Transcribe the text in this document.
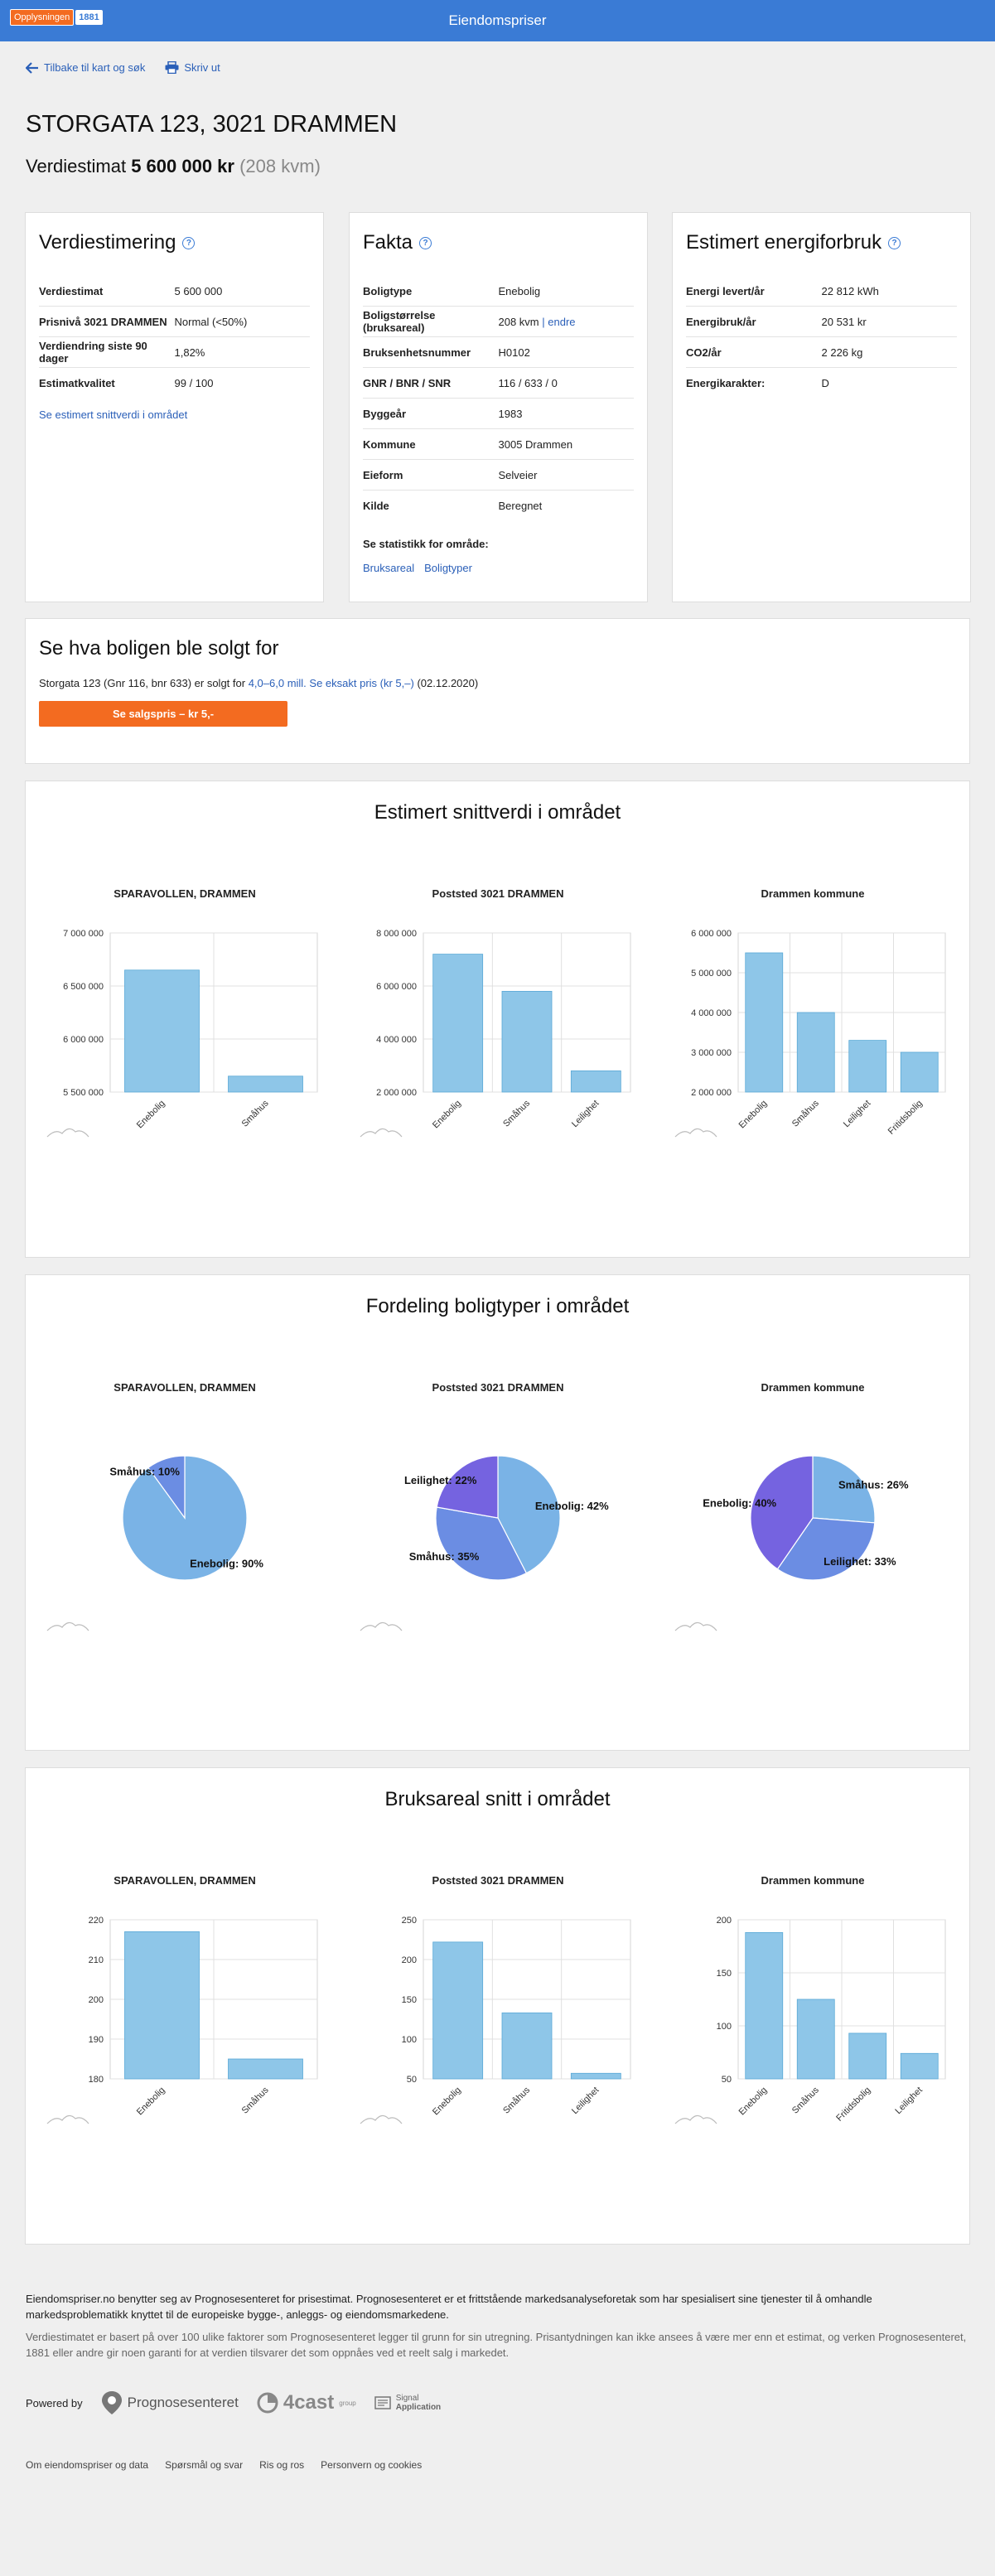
Opplysningen	1881	Eiendomspriser
Tilbake til kart og søk	Skriv ut
STORGATA 123, 3021 DRAMMEN
Verdiestimat 5 600 000 kr (208 kvm)
Verdiestimering	?
Verdiestimat	5 600 000
Prisnivå 3021 DRAMMEN Normal (<50%)
Verdiendring siste 90 dager	1,82%
Estimatkvalitet	99 / 100
Se estimert snittverdi i området
Fakta	?
Boligtype	Enebolig
Boligstørrelse (bruksareal)	208 kvm | endre
Bruksenhetsnummer	H0102
GNR / BNR / SNR	116 / 633 / 0
Byggeår	1983
Kommune	3005 Drammen
Eieform	Selveier
Kilde	Beregnet
Se statistikk for område:
Bruksareal Boligtyper
Estimert energiforbruk	?
Energi levert/år	22 812 kWh
Energibruk/år	20 531 kr
CO2/år	2 226 kg
Energikarakter:	D
Se hva boligen ble solgt for

Storgata 123 (Gnr 116, bnr 633) er solgt for 4,0–6,0 mill. Se eksakt pris (kr 5,–) (02.12.2020)

Se salgspris – kr 5,-
Estimert snittverdi i området
SPARAVOLLEN, DRAMMEN
5 500 000
6 000 000
6 500 000
7 000 000
Enebolig	Småhus
Poststed 3021 DRAMMEN
2 000 000
4 000 000
6 000 000
8 000 000
Enebolig	Småhus	Leilighet
Drammen kommune
2 000 000
3 000 000
4 000 000
5 000 000
6 000 000
Enebolig Småhus Leilighet Fritidsbolig
Fordeling boligtyper i området
SPARAVOLLEN, DRAMMEN
Enebolig: 90%
Småhus: 10%
Poststed 3021 DRAMMEN
Enebolig: 42%
Småhus: 35%
Leilighet: 22%
Drammen kommune
Småhus: 26%
Leilighet: 33%
Enebolig: 40%
Bruksareal snitt i området
SPARAVOLLEN, DRAMMEN
180
190
200
210
220
Enebolig	Småhus
Poststed 3021 DRAMMEN
50
100
150
200
250
Enebolig	Småhus	Leilighet
Drammen kommune
50
100
150
200
Enebolig Småhus Fritidsbolig Leilighet

Eiendomspriser.no benytter seg av Prognosesenteret for prisestimat. Prognosesenteret er et frittstående markedsanalyseforetak som har spesialisert sine tjenester til å omhandle markedsproblematikk knyttet til de europeiske bygge-, anleggs- og eiendomsmarkedene.

Verdiestimatet er basert på over 100 ulike faktorer som Prognosesenteret legger til grunn for sin utregning. Prisantydningen kan ikke ansees å være mer enn et estimat, og verken Prognosesenteret, 1881 eller andre gir noen garanti for at verdien tilsvarer det som oppnåes ved et reelt salg i markedet.

Powered by	Prognosesenteret 4cast group	Signal
Application
Om eiendomspriser og data Spørsmål og svar Ris og ros Personvern og cookies
